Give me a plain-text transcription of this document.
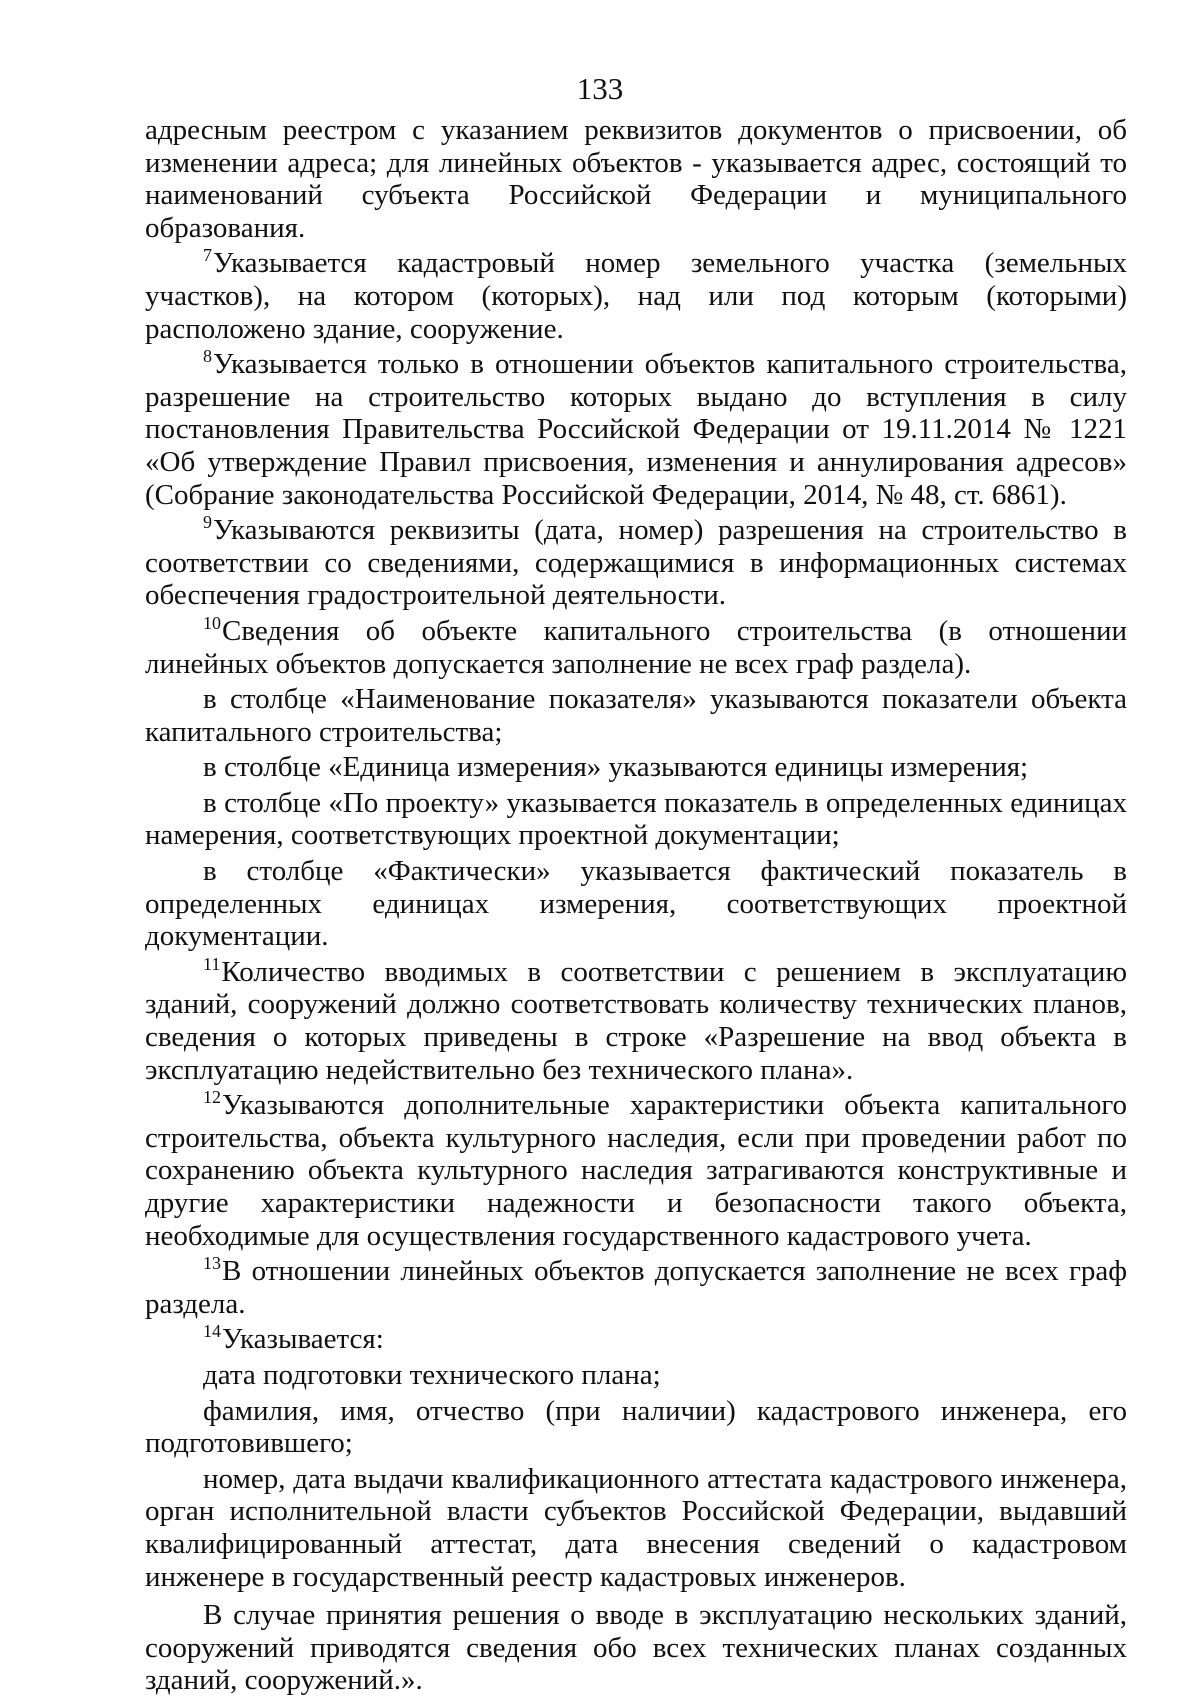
133

адресным реестром с указанием реквизитов документов о присвоении, об изменении адреса; для линейных объектов - указывается адрес, состоящий то наименований субъекта Российской Федерации и муниципального образования.

$^7$Указывается кадастровый номер земельного участка (земельных участков), на котором (которых), над или под которым (которыми) расположено здание, сооружение.

$^8$Указывается только в отношении объектов капитального строительства, разрешение на строительство которых выдано до вступления в силу постановления Правительства Российской Федерации от 19.11.2014 № 1221 «Об утверждение Правил присвоения, изменения и аннулирования адресов» (Собрание законодательства Российской Федерации, 2014, № 48, ст. 6861).

$^9$Указываются реквизиты (дата, номер) разрешения на строительство в соответствии со сведениями, содержащимися в информационных системах обеспечения градостроительной деятельности.

$^{10}$Сведения об объекте капитального строительства (в отношении линейных объектов допускается заполнение не всех граф раздела).

в столбце «Наименование показателя» указываются показатели объекта капитального строительства;

в столбце «Единица измерения» указываются единицы измерения;

в столбце «По проекту» указывается показатель в определенных единицах намерения, соответствующих проектной документации;

в столбце «Фактически» указывается фактический показатель в определенных единицах измерения, соответствующих проектной документации.

$^{11}$Количество вводимых в соответствии с решением в эксплуатацию зданий, сооружений должно соответствовать количеству технических планов, сведения о которых приведены в строке «Разрешение на ввод объекта в эксплуатацию недействительно без технического плана».

$^{12}$Указываются дополнительные характеристики объекта капитального строительства, объекта культурного наследия, если при проведении работ по сохранению объекта культурного наследия затрагиваются конструктивные и другие характеристики надежности и безопасности такого объекта, необходимые для осуществления государственного кадастрового учета.

$^{13}$В отношении линейных объектов допускается заполнение не всех граф раздела.

$^{14}$Указывается:

дата подготовки технического плана;

фамилия, имя, отчество (при наличии) кадастрового инженера, его подготовившего;

номер, дата выдачи квалификационного аттестата кадастрового инженера, орган исполнительной власти субъектов Российской Федерации, выдавший квалифицированный аттестат, дата внесения сведений о кадастровом инженере в государственный реестр кадастровых инженеров.

В случае принятия решения о вводе в эксплуатацию нескольких зданий, сооружений приводятся сведения обо всех технических планах созданных зданий, сооружений.».
